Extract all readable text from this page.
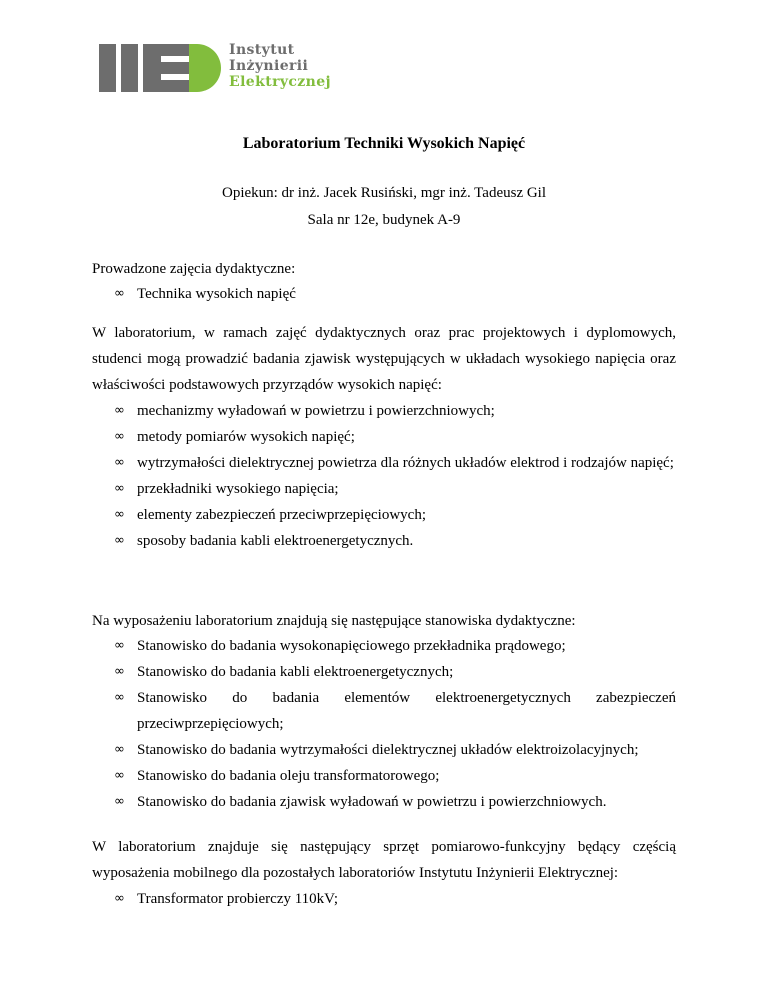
Instytut
Inżynierii
Elektrycznej
Laboratorium Techniki Wysokich Napięć
Opiekun: dr inż. Jacek Rusiński, mgr inż. Tadeusz Gil
Sala nr 12e, budynek A-9
Prowadzone zajęcia dydaktyczne:
∞ Technika wysokich napięć
W laboratorium, w ramach zajęć dydaktycznych oraz prac projektowych i dyplomowych, studenci mogą prowadzić badania zjawisk występujących w układach wysokiego napięcia oraz właściwości podstawowych przyrządów wysokich napięć:
∞ mechanizmy wyładowań w powietrzu i powierzchniowych;
∞ metody pomiarów wysokich napięć;
∞ wytrzymałości dielektrycznej powietrza dla różnych układów elektrod i rodzajów napięć;
∞ przekładniki wysokiego napięcia;
∞ elementy zabezpieczeń przeciwprzepięciowych;
∞ sposoby badania kabli elektroenergetycznych.
Na wyposażeniu laboratorium znajdują się następujące stanowiska dydaktyczne:
∞ Stanowisko do badania wysokonapięciowego przekładnika prądowego;
∞ Stanowisko do badania kabli elektroenergetycznych;
∞ Stanowisko do badania elementów elektroenergetycznych zabezpieczeń przeciwprzepięciowych;
∞ Stanowisko do badania wytrzymałości dielektrycznej układów elektroizolacyjnych;
∞ Stanowisko do badania oleju transformatorowego;
∞ Stanowisko do badania zjawisk wyładowań w powietrzu i powierzchniowych.
W laboratorium znajduje się następujący sprzęt pomiarowo-funkcyjny będący częścią wyposażenia mobilnego dla pozostałych laboratoriów Instytutu Inżynierii Elektrycznej:
∞ Transformator probierczy 110kV;
